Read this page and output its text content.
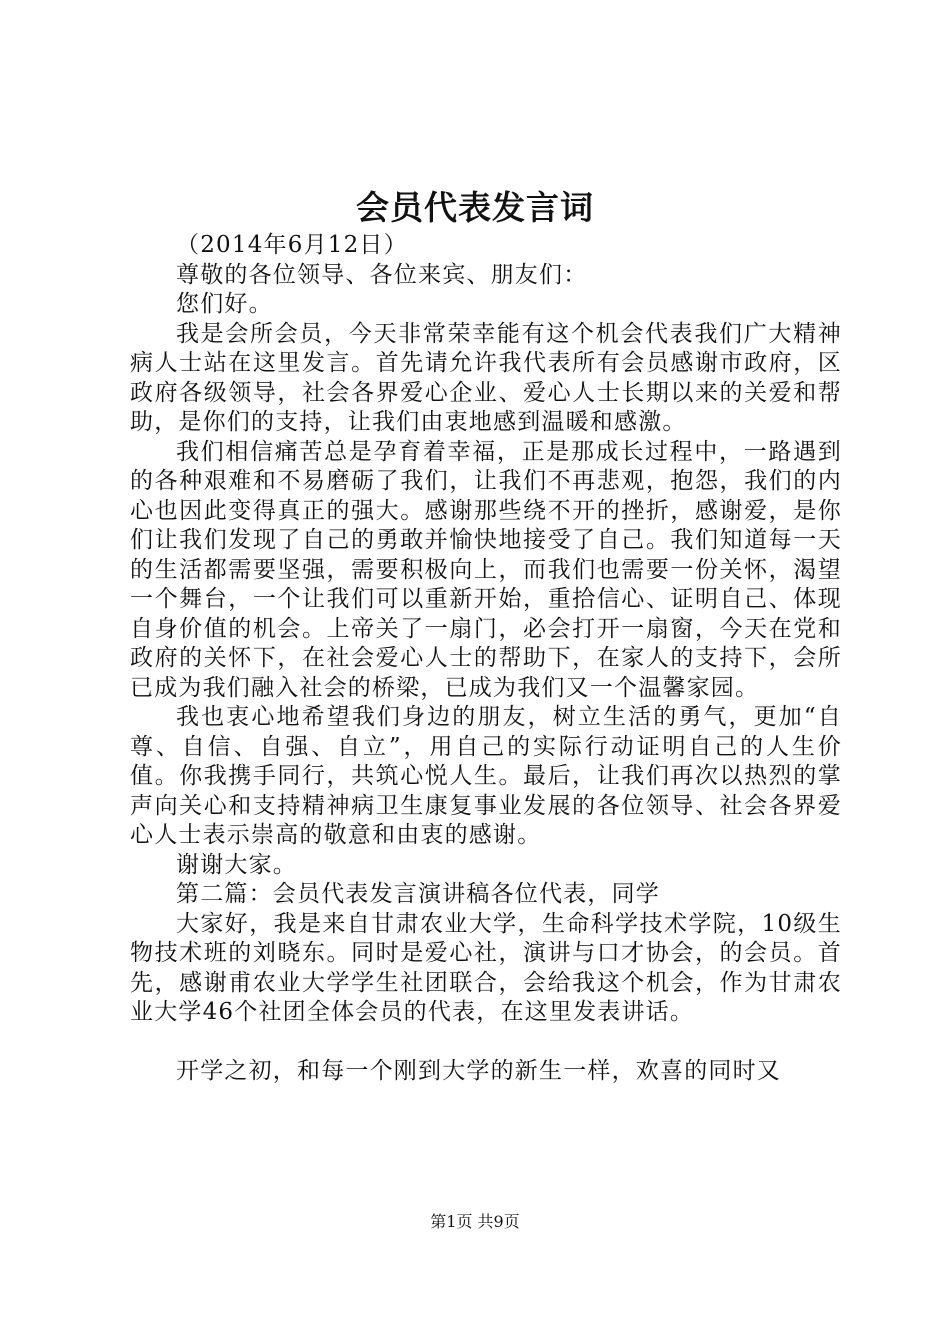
会员代表发言词

（2014年6月12日）

尊敬的各位领导、各位来宾、朋友们：

您们好。

我是会所会员，今天非常荣幸能有这个机会代表我们广大精神病人士站在这里发言。首先请允许我代表所有会员感谢市政府，区政府各级领导，社会各界爱心企业、爱心人士长期以来的关爱和帮助，是你们的支持，让我们由衷地感到温暖和感激。

我们相信痛苦总是孕育着幸福，正是那成长过程中，一路遇到的各种艰难和不易磨砺了我们，让我们不再悲观，抱怨，我们的内心也因此变得真正的强大。感谢那些绕不开的挫折，感谢爱，是你们让我们发现了自己的勇敢并愉快地接受了自己。我们知道每一天的生活都需要坚强，需要积极向上，而我们也需要一份关怀，渴望一个舞台，一个让我们可以重新开始，重拾信心、证明自己、体现自身价值的机会。上帝关了一扇门，必会打开一扇窗，今天在党和政府的关怀下，在社会爱心人士的帮助下，在家人的支持下，会所已成为我们融入社会的桥梁，已成为我们又一个温馨家园。

我也衷心地希望我们身边的朋友，树立生活的勇气，更加“自尊、自信、自强、自立”，用自己的实际行动证明自己的人生价值。你我携手同行，共筑心悦人生。最后，让我们再次以热烈的掌声向关心和支持精神病卫生康复事业发展的各位领导、社会各界爱心人士表示崇高的敬意和由衷的感谢。

谢谢大家。

第二篇：会员代表发言演讲稿各位代表，同学

大家好，我是来自甘肃农业大学，生命科学技术学院，10级生物技术班的刘晓东。同时是爱心社，演讲与口才协会，的会员。首先，感谢甫农业大学学生社团联合，会给我这个机会，作为甘肃农业大学46个社团全体会员的代表，在这里发表讲话。

开学之初，和每一个刚到大学的新生一样，欢喜的同时又

第1页 共9页
